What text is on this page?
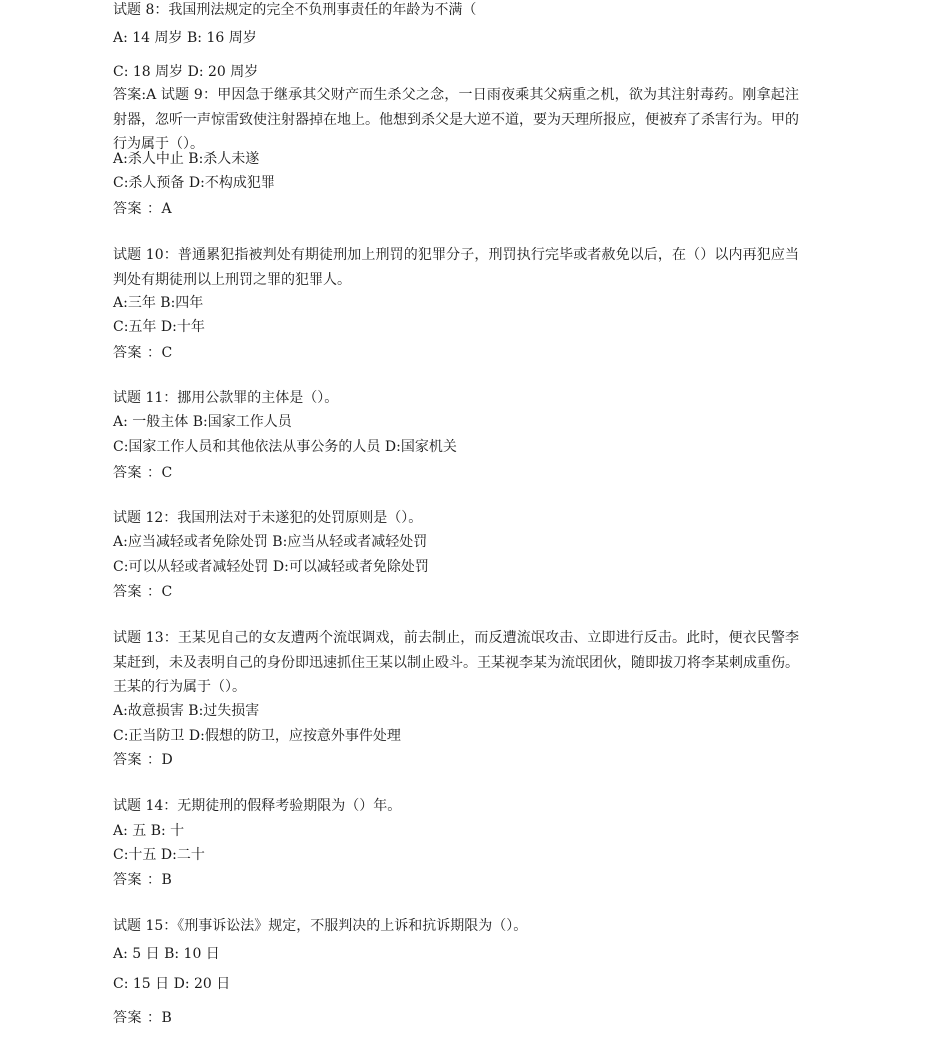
试题 8：我国刑法规定的完全不负刑事责任的年龄为不满（
A: 14 周岁 B: 16 周岁
C: 18 周岁 D: 20 周岁
答案:A 试题 9：甲因急于继承其父财产而生杀父之念，一日雨夜乘其父病重之机，欲为其注射毒药。刚拿起注射器，忽听一声惊雷致使注射器掉在地上。他想到杀父是大逆不道，要为天理所报应，便被弃了杀害行为。甲的行为属于（）。
A:杀人中止 B:杀人未遂
C:杀人预备 D:不构成犯罪
答案 ：A
试题 10：普通累犯指被判处有期徒刑加上刑罚的犯罪分子，刑罚执行完毕或者赦免以后，在（）以内再犯应当判处有期徒刑以上刑罚之罪的犯罪人。
A:三年 B:四年
C:五年 D:十年
答案 ：C
试题 11：挪用公款罪的主体是（）。
A: 一般主体 B:国家工作人员
C:国家工作人员和其他依法从事公务的人员 D:国家机关
答案 ：C
试题 12：我国刑法对于未遂犯的处罚原则是（）。
A:应当减轻或者免除处罚 B:应当从轻或者减轻处罚
C:可以从轻或者减轻处罚 D:可以减轻或者免除处罚
答案 ：C
试题 13：王某见自己的女友遭两个流氓调戏，前去制止，而反遭流氓攻击、立即进行反击。此时，便衣民警李某赶到，未及表明自己的身份即迅速抓住王某以制止殴斗。王某视李某为流氓团伙，随即拔刀将李某刺成重伤。王某的行为属于（）。
A:故意损害 B:过失损害
C:正当防卫 D:假想的防卫，应按意外事件处理
答案 ：D
试题 14：无期徒刑的假释考验期限为（）年。
A: 五 B: 十
C:十五 D:二十
答案 ：B
试题 15：《刑事诉讼法》规定，不服判决的上诉和抗诉期限为（）。
A: 5 日 B: 10 日
C: 15 日 D: 20 日
答案 ：B
